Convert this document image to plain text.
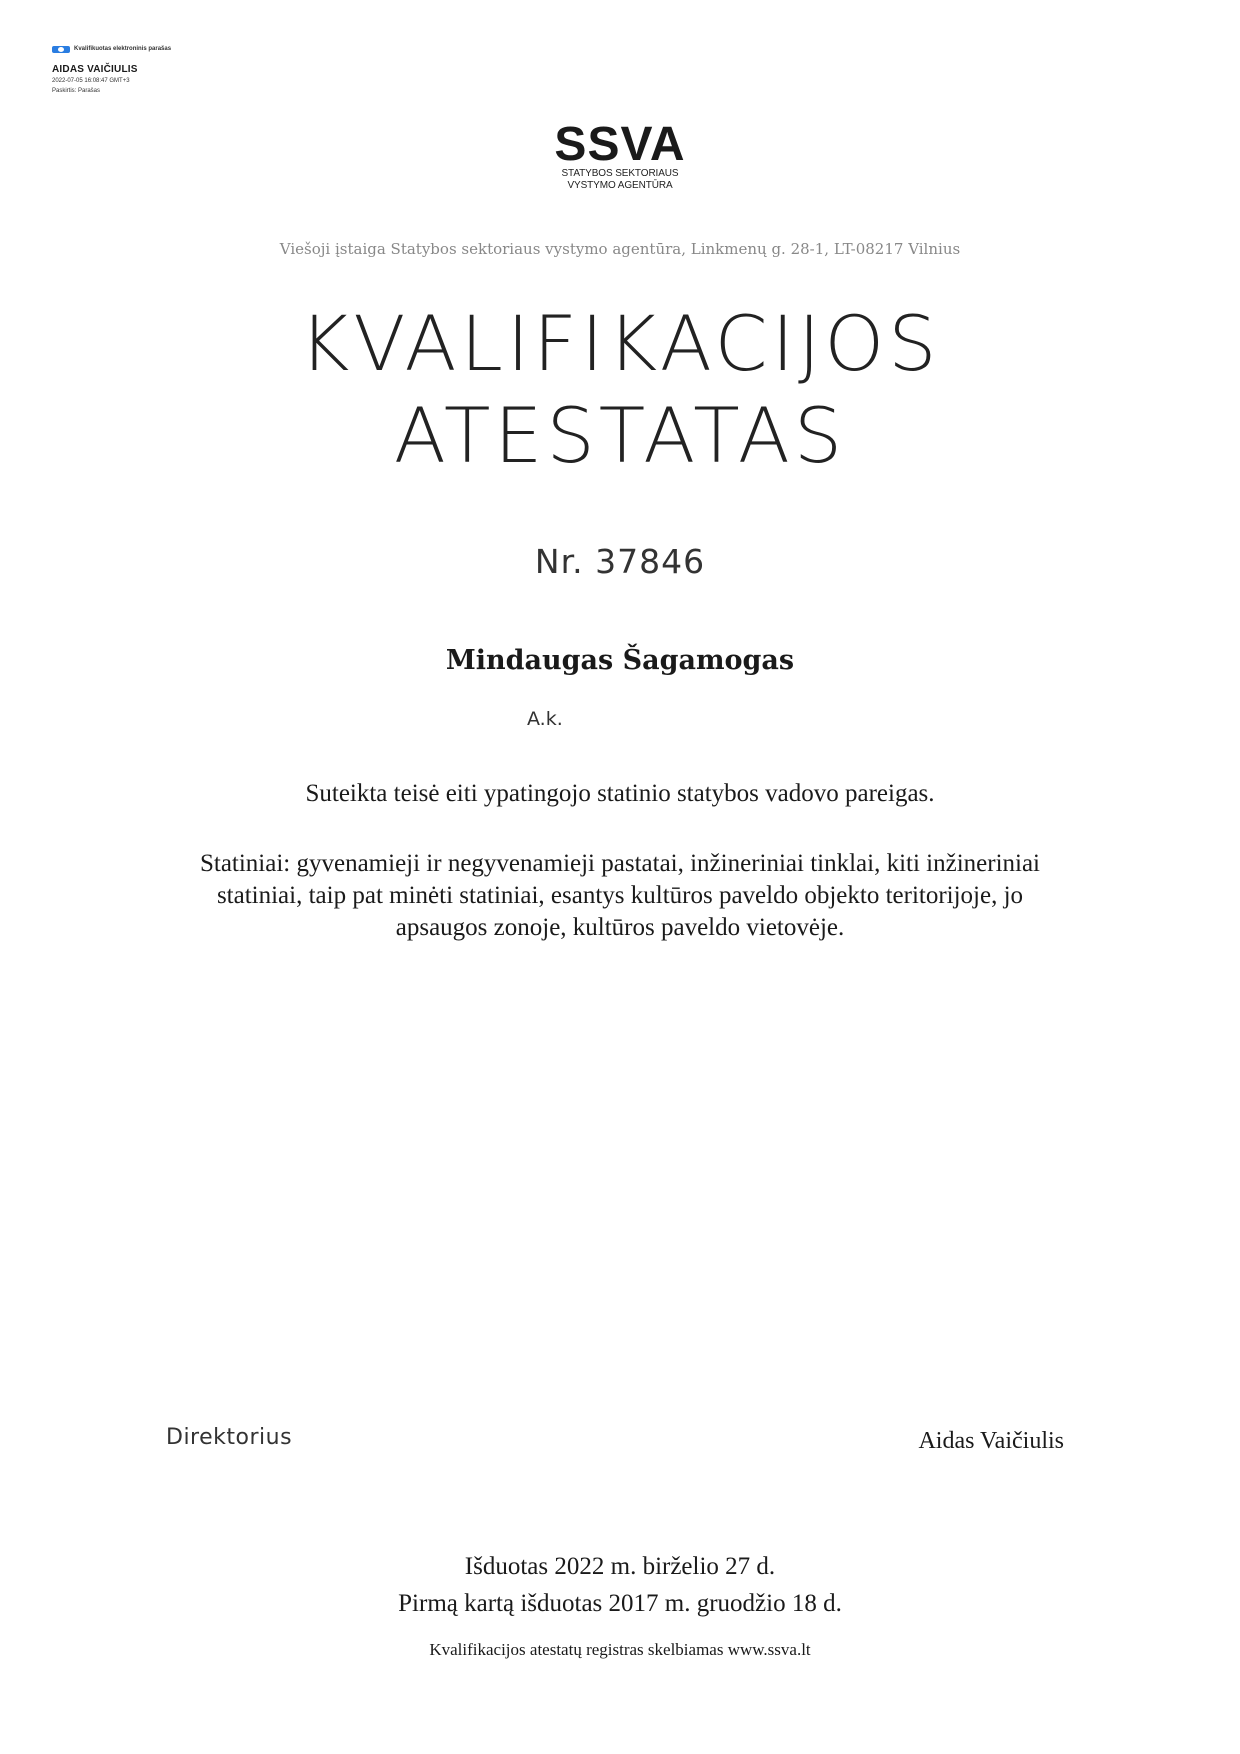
Kvalifikuotas elektroninis parašas
AIDAS VAIČIULIS
2022-07-05 16:08:47 GMT+3
Paskirtis: Parašas
SSVA
STATYBOS SEKTORIAUS
VYSTYMO AGENTŪRA
Viešoji įstaiga Statybos sektoriaus vystymo agentūra, Linkmenų g. 28-1, LT-08217 Vilnius
KVALIFIKACIJOS
ATESTATAS
Nr. 37846
Mindaugas Šagamogas
A.k.
Suteikta teisė eiti ypatingojo statinio statybos vadovo pareigas.
Statiniai: gyvenamieji ir negyvenamieji pastatai, inžineriniai tinklai, kiti inžineriniai
statiniai, taip pat minėti statiniai, esantys kultūros paveldo objekto teritorijoje, jo
apsaugos zonoje, kultūros paveldo vietovėje.
Direktorius	Aidas Vaičiulis
Išduotas 2022 m. birželio 27 d.
Pirmą kartą išduotas 2017 m. gruodžio 18 d.
Kvalifikacijos atestatų registras skelbiamas www.ssva.lt
